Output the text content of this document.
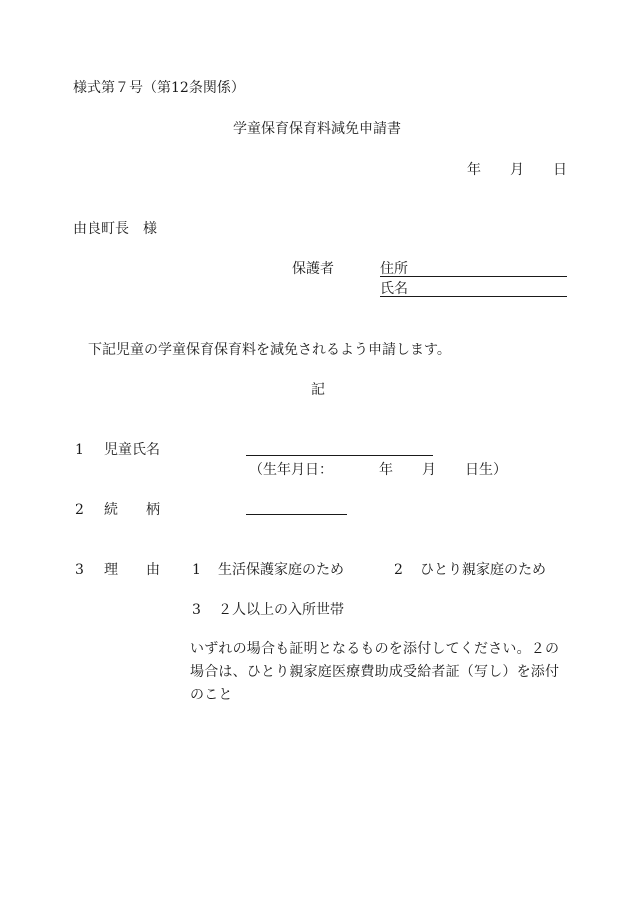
様式第７号（第12条関係）
学童保育保育料減免申請書
年 月 日
由良町長　様
保護者	住所
氏名
下記児童の学童保育保育料を減免されるよう申請します。
記
1 児童氏名
（生年月日：	年 月 日生）
2 続 柄
3 理 由 1 生活保護家庭のため	2 ひとり親家庭のため
3 ２人以上の入所世帯
いずれの場合も証明となるものを添付してください。２の場合は、ひとり親家庭医療費助成受給者証（写し）を添付のこと
